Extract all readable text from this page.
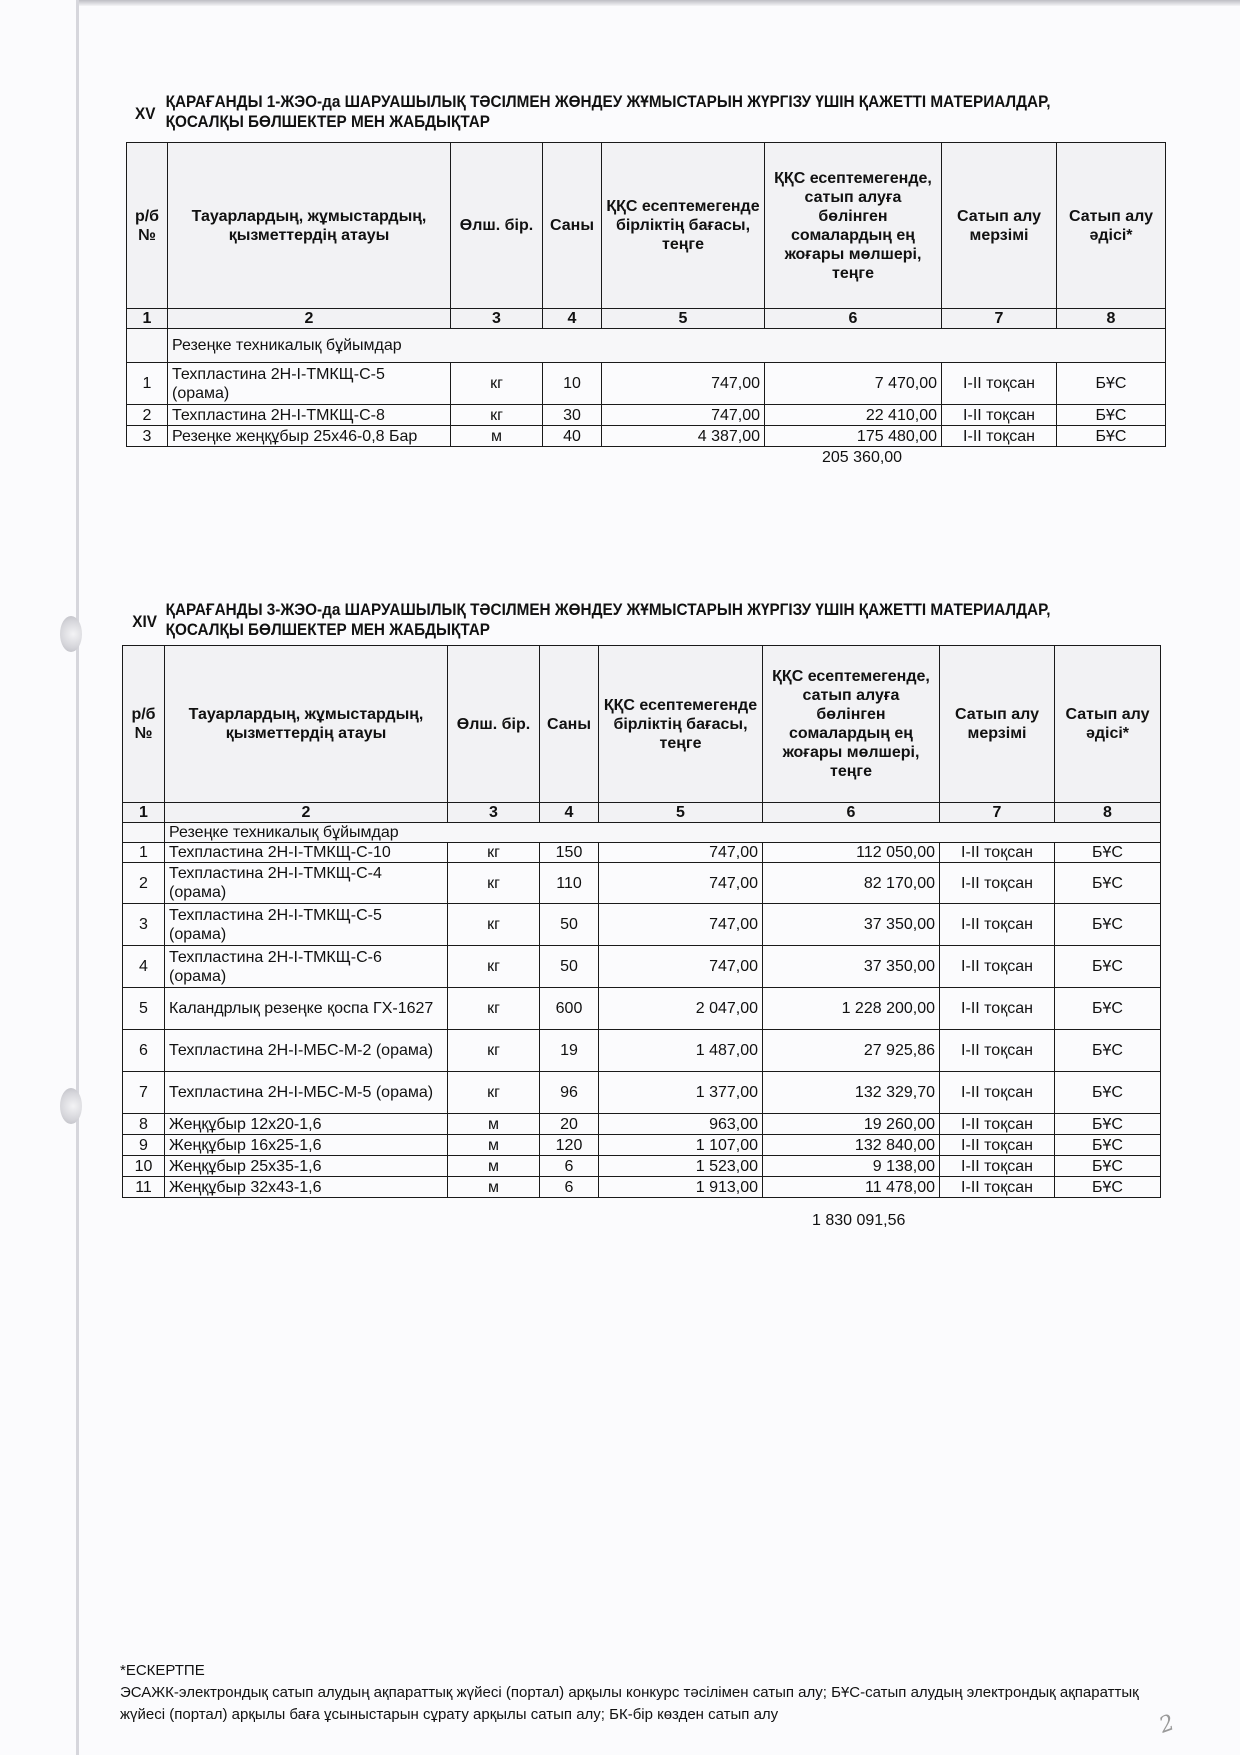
XV
ҚАРАҒАНДЫ 1-ЖЭО-да ШАРУАШЫЛЫҚ ТӘСІЛМЕН ЖӨНДЕУ ЖҰМЫСТАРЫН ЖҮРГІЗУ ҮШІН ҚАЖЕТТІ МАТЕРИАЛДАР,
ҚОСАЛҚЫ БӨЛШЕКТЕР МЕН ЖАБДЫҚТАР
р/б №	Тауарлардың, жұмыстардың, қызметтердің атауы	Өлш. бір.	Саны	ҚҚС есептемегенде бірліктің бағасы, теңге	ҚҚС есептемегенде, сатып алуға бөлінген сомалардың ең жоғары мөлшері, теңге	Сатып алу мерзімі	Сатып алу әдісі*
1	2	3	4	5	6	7	8
	Резеңке техникалық бұйымдар						
1	Техпластина 2Н-I-ТМКЩ-С-5 (орама)	кг	10	747,00	7 470,00	I-II тоқсан	БҰС
2	Техпластина 2Н-I-ТМКЩ-С-8	кг	30	747,00	22 410,00	I-II тоқсан	БҰС
3	Резеңке жеңқұбыр 25х46-0,8 Бар	м	40	4 387,00	175 480,00	I-II тоқсан	БҰС
205 360,00
XIV
ҚАРАҒАНДЫ 3-ЖЭО-да ШАРУАШЫЛЫҚ ТӘСІЛМЕН ЖӨНДЕУ ЖҰМЫСТАРЫН ЖҮРГІЗУ ҮШІН ҚАЖЕТТІ МАТЕРИАЛДАР,
ҚОСАЛҚЫ БӨЛШЕКТЕР МЕН ЖАБДЫҚТАР
р/б №	Тауарлардың, жұмыстардың, қызметтердің атауы	Өлш. бір.	Саны	ҚҚС есептемегенде бірліктің бағасы, теңге	ҚҚС есептемегенде, сатып алуға бөлінген сомалардың ең жоғары мөлшері, теңге	Сатып алу мерзімі	Сатып алу әдісі*
1	2	3	4	5	6	7	8
	Резеңке техникалық бұйымдар						
1	Техпластина 2Н-I-ТМКЩ-С-10	кг	150	747,00	112 050,00	I-II тоқсан	БҰС
2	Техпластина 2Н-I-ТМКЩ-С-4 (орама)	кг	110	747,00	82 170,00	I-II тоқсан	БҰС
3	Техпластина 2Н-I-ТМКЩ-С-5 (орама)	кг	50	747,00	37 350,00	I-II тоқсан	БҰС
4	Техпластина 2Н-I-ТМКЩ-С-6 (орама)	кг	50	747,00	37 350,00	I-II тоқсан	БҰС
5	Каландрлық резеңке қоспа ГХ-1627	кг	600	2 047,00	1 228 200,00	I-II тоқсан	БҰС
6	Техпластина 2Н-I-МБС-М-2 (орама)	кг	19	1 487,00	27 925,86	I-II тоқсан	БҰС
7	Техпластина 2Н-I-МБС-М-5 (орама)	кг	96	1 377,00	132 329,70	I-II тоқсан	БҰС
8	Жеңқұбыр 12х20-1,6	м	20	963,00	19 260,00	I-II тоқсан	БҰС
9	Жеңқұбыр 16х25-1,6	м	120	1 107,00	132 840,00	I-II тоқсан	БҰС
10	Жеңқұбыр 25х35-1,6	м	6	1 523,00	9 138,00	I-II тоқсан	БҰС
11	Жеңқұбыр 32х43-1,6	м	6	1 913,00	11 478,00	I-II тоқсан	БҰС
1 830 091,56
*ЕСКЕРТПЕ
ЭСАЖК-электрондық сатып алудың ақпараттық жүйесі (портал) арқылы конкурс тәсілімен сатып алу; БҰС-сатып алудың электрондық ақпараттық жүйесі (портал) арқылы баға ұсыныстарын сұрату арқылы сатып алу; БК-бір көзден сатып алу	2
